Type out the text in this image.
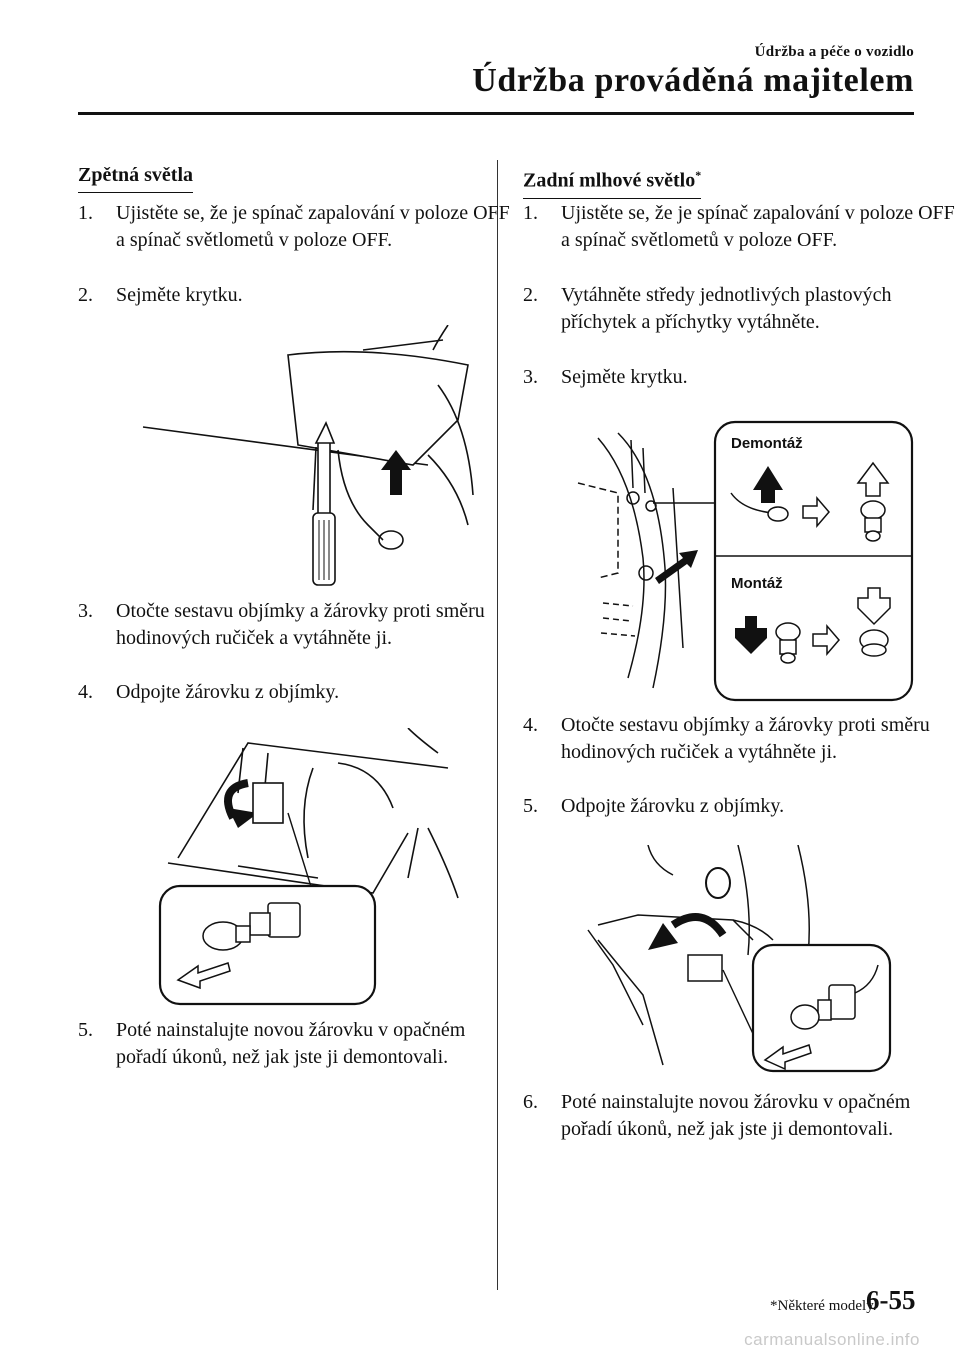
Údržba a péče o vozidlo
Údržba prováděná majitelem
Zpětná světla
1. Ujistěte se, že je spínač zapalování v poloze OFF a spínač světlometů v poloze OFF.
2. Sejměte krytku.
3. Otočte sestavu objímky a žárovky proti směru hodinových ručiček a vytáhněte ji.
4. Odpojte žárovku z objímky.
5. Poté nainstalujte novou žárovku v opačném pořadí úkonů, než jak jste ji demontovali.
Zadní mlhové světlo*
1. Ujistěte se, že je spínač zapalování v poloze OFF a spínač světlometů v poloze OFF.
2. Vytáhněte středy jednotlivých plastových příchytek a příchytky vytáhněte.
3. Sejměte krytku.
Demontáž
Montáž
4. Otočte sestavu objímky a žárovky proti směru hodinových ručiček a vytáhněte ji.
5. Odpojte žárovku z objímky.
6. Poté nainstalujte novou žárovku v opačném pořadí úkonů, než jak jste ji demontovali.
*Některé modely.
6-55
carmanualsonline.info
